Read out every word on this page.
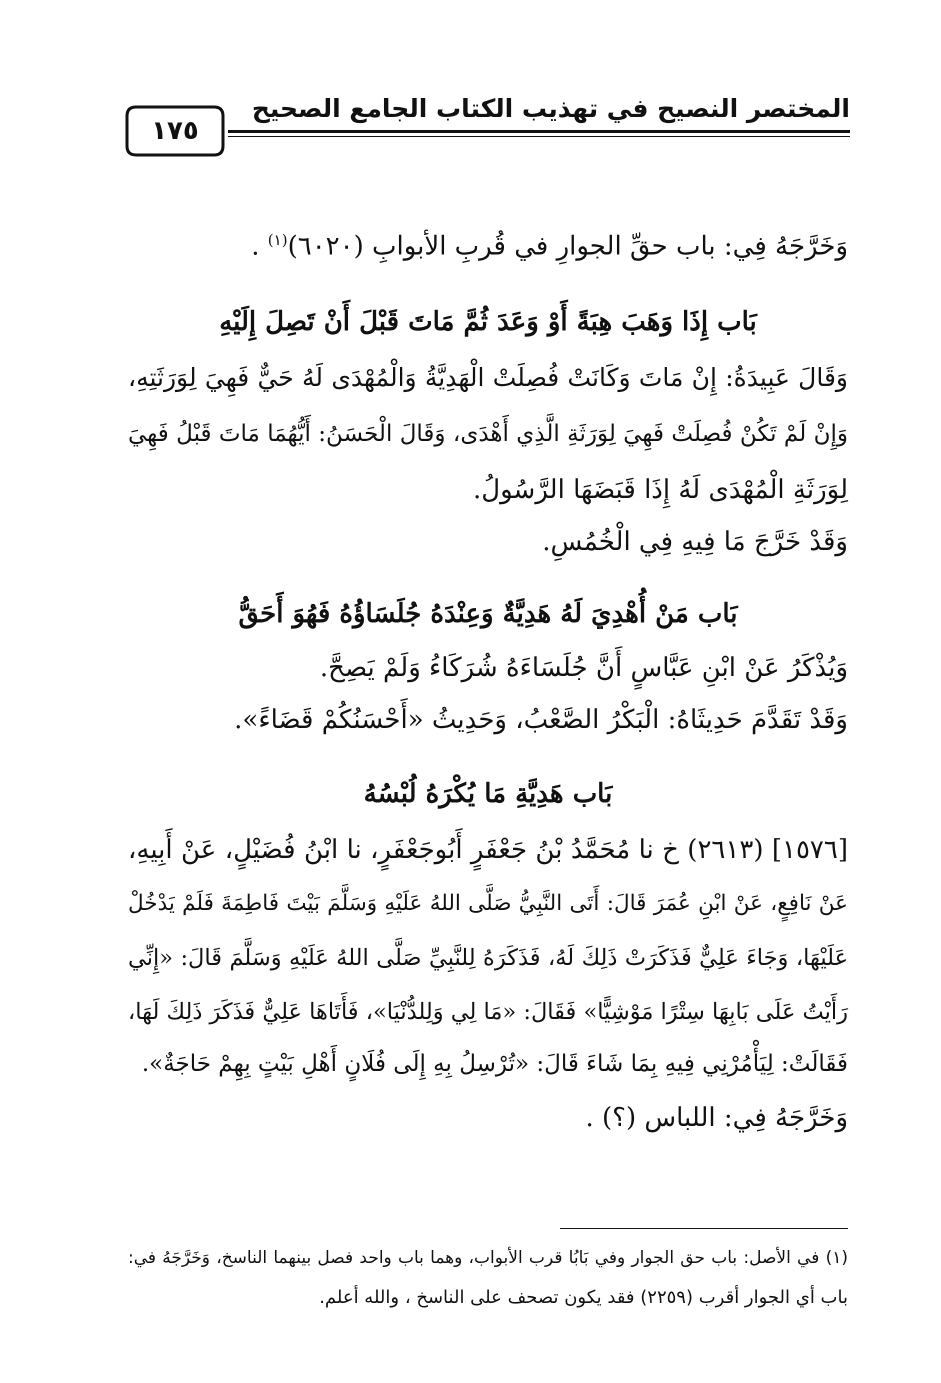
المختصر النصيح في تهذيب الكتاب الجامع الصحيح
١٧٥
وَخَرَّجَهُ فِي: باب حقِّ الجوارِ في قُربِ الأبوابِ (٦٠٢٠)$^{(١)}$ .
بَاب إِذَا وَهَبَ هِبَةً أَوْ وَعَدَ ثُمَّ مَاتَ قَبْلَ أَنْ تَصِلَ إِلَيْهِ
وَقَالَ عَبِيدَةُ: إِنْ مَاتَ وَكَانَتْ فُصِلَتْ الْهَدِيَّةُ وَالْمُهْدَى لَهُ حَيٌّ فَهِيَ لِوَرَثَتِهِ،
وَإِنْ لَمْ تَكُنْ فُصِلَتْ فَهِيَ لِوَرَثَةِ الَّذِي أَهْدَى، وَقَالَ الْحَسَنُ: أَيُّهُمَا مَاتَ قَبْلُ فَهِيَ
لِوَرَثَةِ الْمُهْدَى لَهُ إِذَا قَبَضَهَا الرَّسُولُ.
وَقَدْ خَرَّجَ مَا فِيهِ فِي الْخُمُسِ.
بَاب مَنْ أُهْدِيَ لَهُ هَدِيَّةٌ وَعِنْدَهُ جُلَسَاؤُهُ فَهُوَ أَحَقُّ
وَيُذْكَرُ عَنْ ابْنِ عَبَّاسٍ أَنَّ جُلَسَاءَهُ شُرَكَاءُ وَلَمْ يَصِحَّ.
وَقَدْ تَقَدَّمَ حَدِيثَاهُ: الْبَكْرُ الصَّعْبُ، وَحَدِيثُ «أَحْسَنُكُمْ قَضَاءً».
بَاب هَدِيَّةِ مَا يُكْرَهُ لُبْسُهُ
[١٥٧٦] (٢٦١٣) خ نا مُحَمَّدُ بْنُ جَعْفَرٍ أَبُوجَعْفَرٍ، نا ابْنُ فُضَيْلٍ، عَنْ أَبِيهِ،
عَنْ نَافِعٍ، عَنْ ابْنِ عُمَرَ قَالَ: أَتَى النَّبِيُّ صَلَّى اللهُ عَلَيْهِ وَسَلَّمَ بَيْتَ فَاطِمَةَ فَلَمْ يَدْخُلْ
عَلَيْهَا، وَجَاءَ عَلِيٌّ فَذَكَرَتْ ذَلِكَ لَهُ، فَذَكَرَهُ لِلنَّبِيِّ صَلَّى اللهُ عَلَيْهِ وَسَلَّمَ قَالَ: «إِنِّي
رَأَيْتُ عَلَى بَابِهَا سِتْرًا مَوْشِيًّا» فَقَالَ: «مَا لِي وَلِلدُّنْيَا»، فَأَتَاهَا عَلِيٌّ فَذَكَرَ ذَلِكَ لَهَا،
فَقَالَتْ: لِيَأْمُرْنِي فِيهِ بِمَا شَاءَ قَالَ: «تُرْسِلُ بِهِ إِلَى فُلَانٍ أَهْلِ بَيْتٍ بِهِمْ حَاجَةٌ».
وَخَرَّجَهُ فِي: اللباس (؟) .
(١) في الأصل: باب حق الجوار وفي بَابُا قرب الأبواب، وهما باب واحد فصل بينهما الناسخ، وَخَرَّجَهُ في:
باب أي الجوار أقرب (٢٢٥٩) فقد يكون تصحف على الناسخ ، والله أعلم.
